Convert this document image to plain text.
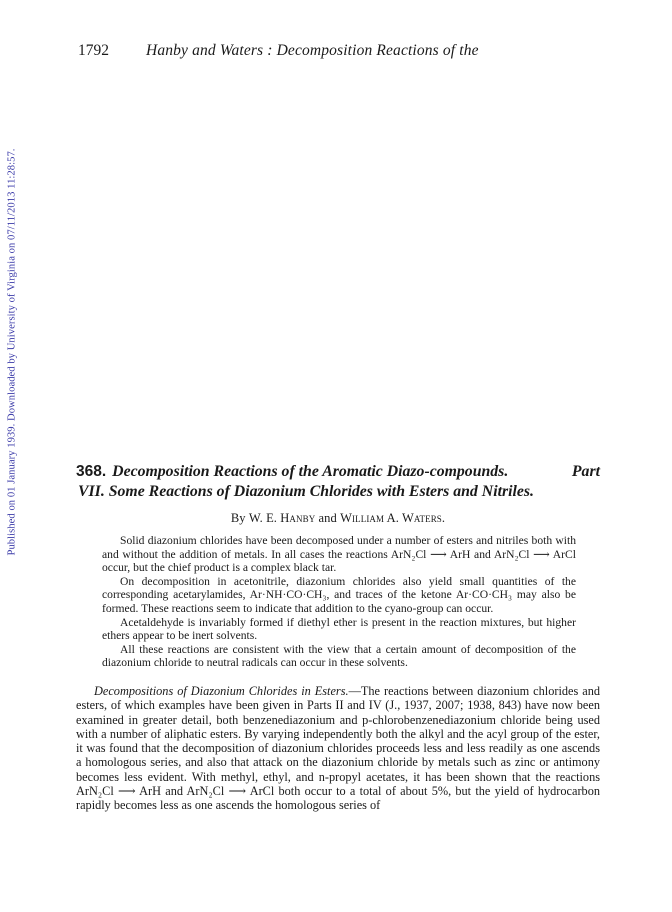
Published on 01 January 1939. Downloaded by University of Virginia on 07/11/2013 11:28:57.
1792 Hanby and Waters : Decomposition Reactions of the
368. Decomposition Reactions of the Aromatic Diazo-compounds.	Part
VII. Some Reactions of Diazonium Chlorides with Esters and Nitriles.
By W. E. Hanby and William A. Waters.

Solid diazonium chlorides have been decomposed under a number of esters and nitriles both with and without the addition of metals. In all cases the reactions ArN₂Cl ⟶ ArH and ArN₂Cl ⟶ ArCl occur, but the chief product is a complex black tar.

On decomposition in acetonitrile, diazonium chlorides also yield small quantities of the corresponding acetarylamides, Ar·NH·CO·CH₃, and traces of the ketone Ar·CO·CH₃ may also be formed. These reactions seem to indicate that addition to the cyano-group can occur.

Acetaldehyde is invariably formed if diethyl ether is present in the reaction mixtures, but higher ethers appear to be inert solvents.

All these reactions are consistent with the view that a certain amount of decomposition of the diazonium chloride to neutral radicals can occur in these solvents.

Decompositions of Diazonium Chlorides in Esters.—The reactions between diazonium chlorides and esters, of which examples have been given in Parts II and IV (J., 1937, 2007; 1938, 843) have now been examined in greater detail, both benzenediazonium and p-chlorobenzenediazonium chloride being used with a number of aliphatic esters. By varying independently both the alkyl and the acyl group of the ester, it was found that the decomposition of diazonium chlorides proceeds less and less readily as one ascends a homologous series, and also that attack on the diazonium chloride by metals such as zinc or antimony becomes less evident. With methyl, ethyl, and n-propyl acetates, it has been shown that the reactions ArN₂Cl ⟶ ArH and ArN₂Cl ⟶ ArCl both occur to a total of about 5%, but the yield of hydrocarbon rapidly becomes less as one ascends the homologous series of
